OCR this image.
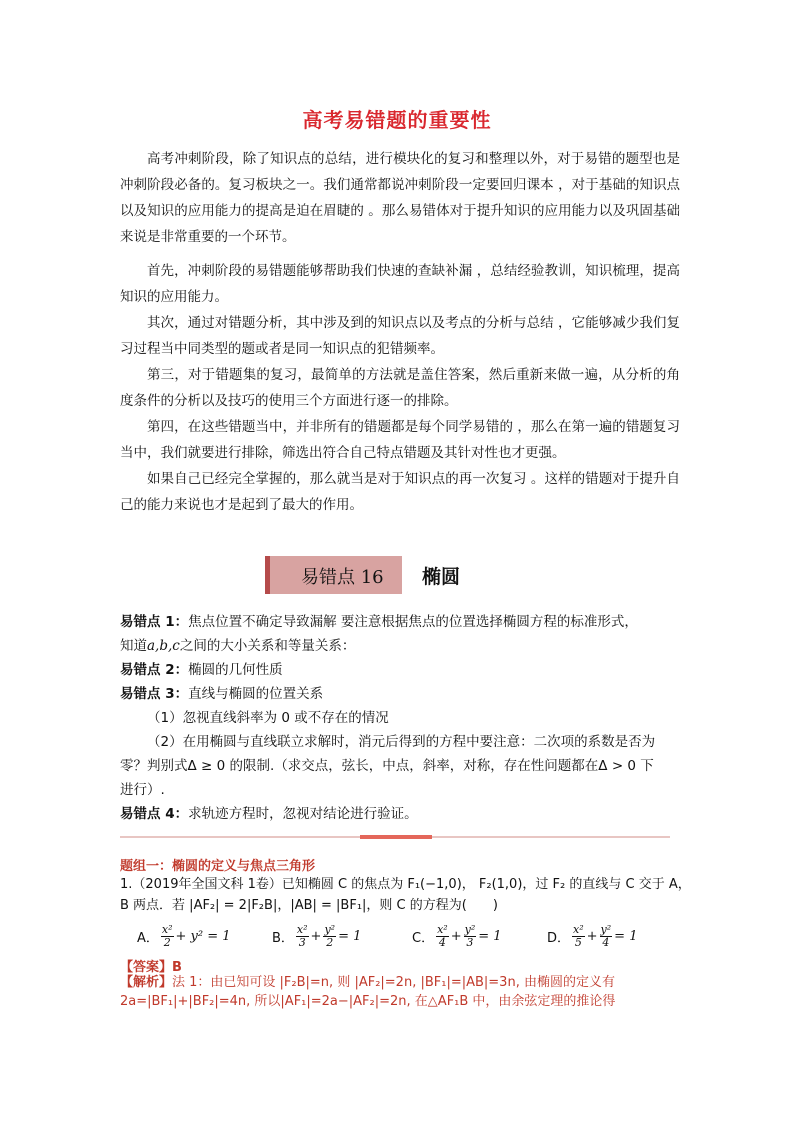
高考易错题的重要性

高考冲刺阶段，除了知识点的总结，进行模块化的复习和整理以外，对于易错的题型也是冲刺阶段必备的。复习板块之一。我们通常都说冲刺阶段一定要回归课本 ，对于基础的知识点以及知识的应用能力的提高是迫在眉睫的 。那么易错体对于提升知识的应用能力以及巩固基础来说是非常重要的一个环节。

首先，冲刺阶段的易错题能够帮助我们快速的查缺补漏 ，总结经验教训，知识梳理，提高知识的应用能力。

其次，通过对错题分析，其中涉及到的知识点以及考点的分析与总结 ，它能够减少我们复习过程当中同类型的题或者是同一知识点的犯错频率。

第三，对于错题集的复习，最简单的方法就是盖住答案，然后重新来做一遍，从分析的角度条件的分析以及技巧的使用三个方面进行逐一的排除。

第四，在这些错题当中，并非所有的错题都是每个同学易错的 ，那么在第一遍的错题复习当中，我们就要进行排除，筛选出符合自己特点错题及其针对性也才更强。

如果自己已经完全掌握的，那么就当是对于知识点的再一次复习 。这样的错题对于提升自己的能力来说也才是起到了最大的作用。

易错点 16 椭圆

易错点 1：焦点位置不确定导致漏解 要注意根据焦点的位置选择椭圆方程的标准形式，

知道a,b,c之间的大小关系和等量关系：

易错点 2：椭圆的几何性质

易错点 3：直线与椭圆的位置关系

（1）忽视直线斜率为 0 或不存在的情况

（2）在用椭圆与直线联立求解时，消元后得到的方程中要注意：二次项的系数是否为

零？判别式Δ ≥ 0 的限制.（求交点，弦长，中点，斜率，对称，存在性问题都在Δ > 0 下

进行）.

易错点 4：求轨迹方程时，忽视对结论进行验证。

题组一：椭圆的定义与焦点三角形

1.（2019年全国文科 1卷）已知椭圆 C 的焦点为 F₁(−1,0)， F₂(1,0)，过 F₂ 的直线与 C 交于 A，

B 两点．若 |AF₂| = 2|F₂B|，|AB| = |BF₁|，则 C 的方程为(　　)

A． $\frac{\text{x²}}{2} + y^2 = 1$	B． $\frac{\text{x²}}{3} + \frac{\text{y²}}{2} = 1$	C． $\frac{\text{x²}}{4} + \frac{\text{y²}}{3} = 1$	D． $\frac{\text{x²}}{5} + \frac{\text{y²}}{4} = 1$
【答案】B

【解析】法 1：由已知可设 |F₂B|=n, 则 |AF₂|=2n, |BF₁|=|AB|=3n, 由椭圆的定义有

2a=|BF₁|+|BF₂|=4n, 所以|AF₁|=2a−|AF₂|=2n, 在△AF₁B 中，由余弦定理的推论得
